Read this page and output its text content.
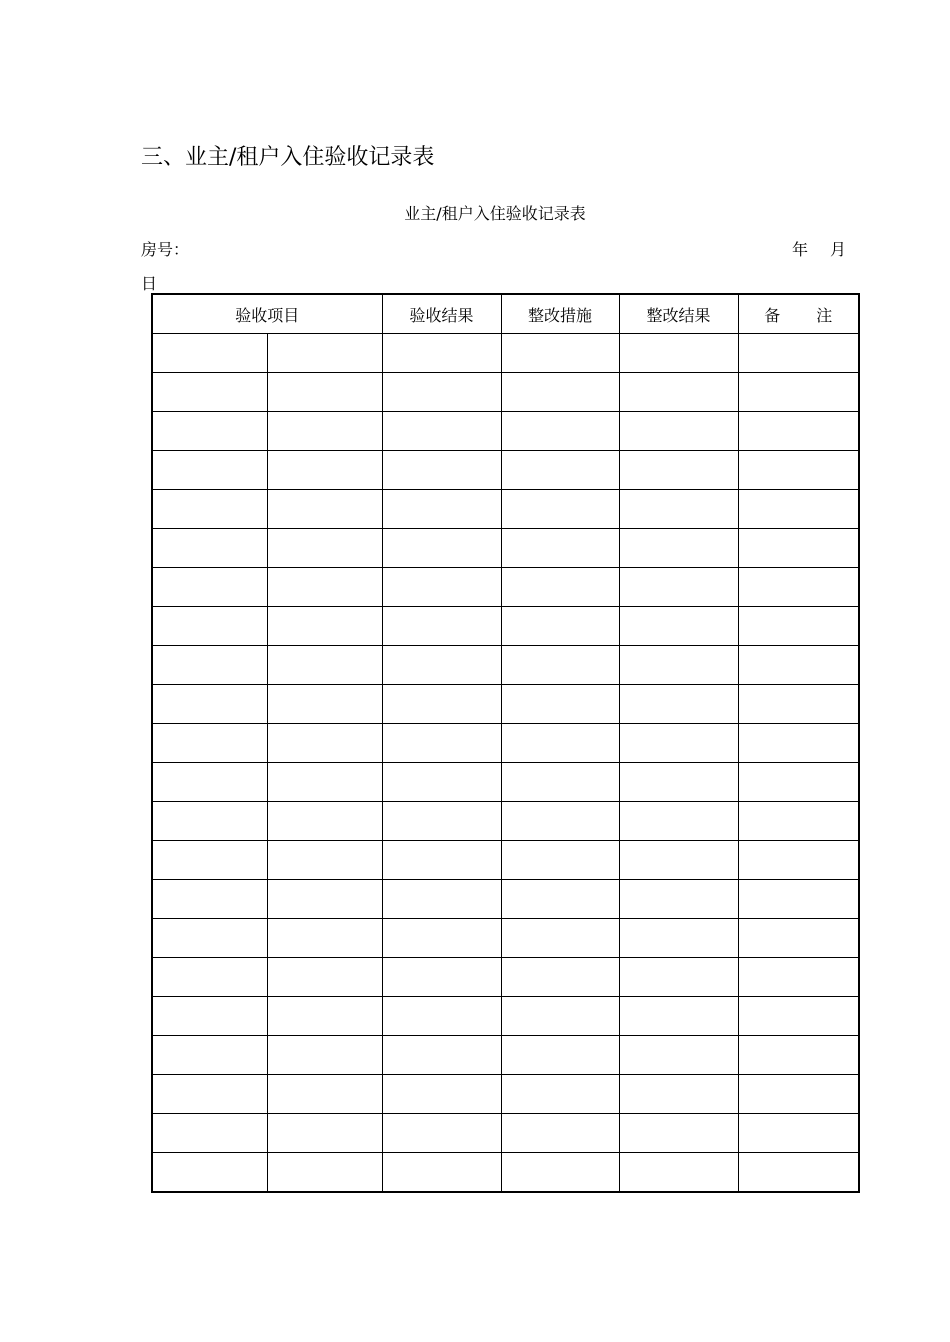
三、业主/租户入住验收记录表
业主/租户入住验收记录表
房号：	年 月
日
验收项目		验收结果	整改措施	整改结果	备 注
